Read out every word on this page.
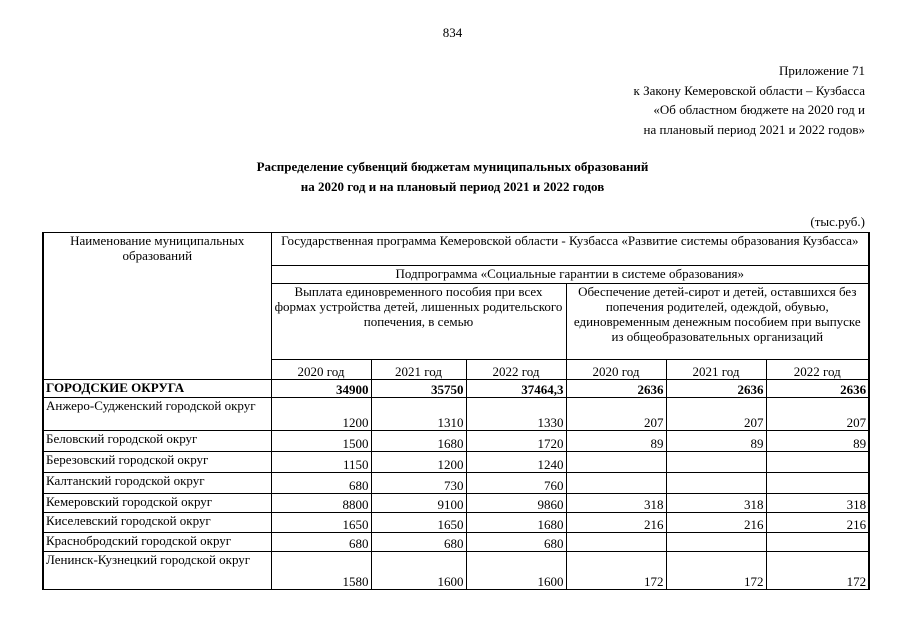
834
Приложение 71
к Закону Кемеровской области – Кузбасса
«Об областном бюджете на 2020 год и
на плановый период 2021 и 2022 годов»
Распределение субвенций бюджетам муниципальных образований
на 2020 год и на плановый период 2021 и 2022 годов
(тыс.руб.)
Наименование муниципальных образований	Государственная программа Кемеровской области - Кузбасса «Развитие системы образования Кузбасса»					
	Подпрограмма «Социальные гарантии в системе образования»					
	Выплата единовременного пособия при всех формах устройства детей, лишенных родительского попечения, в семью			Обеспечение детей-сирот и детей, оставшихся без попечения родителей, одеждой, обувью, единовременным денежным пособием при выпуске из общеобразовательных организаций		
	2020 год	2021 год	2022 год	2020 год	2021 год	2022 год
ГОРОДСКИЕ ОКРУГА	34900	35750	37464,3	2636	2636	2636
Анжеро-Судженский городской округ	1200	1310	1330	207	207	207
Беловский городской округ	1500	1680	1720	89	89	89
Березовский городской округ	1150	1200	1240			
Калтанский городской округ	680	730	760			
Кемеровский городской округ	8800	9100	9860	318	318	318
Киселевский городской округ	1650	1650	1680	216	216	216
Краснобродский городской округ	680	680	680			
Ленинск-Кузнецкий городской округ	1580	1600	1600	172	172	172
